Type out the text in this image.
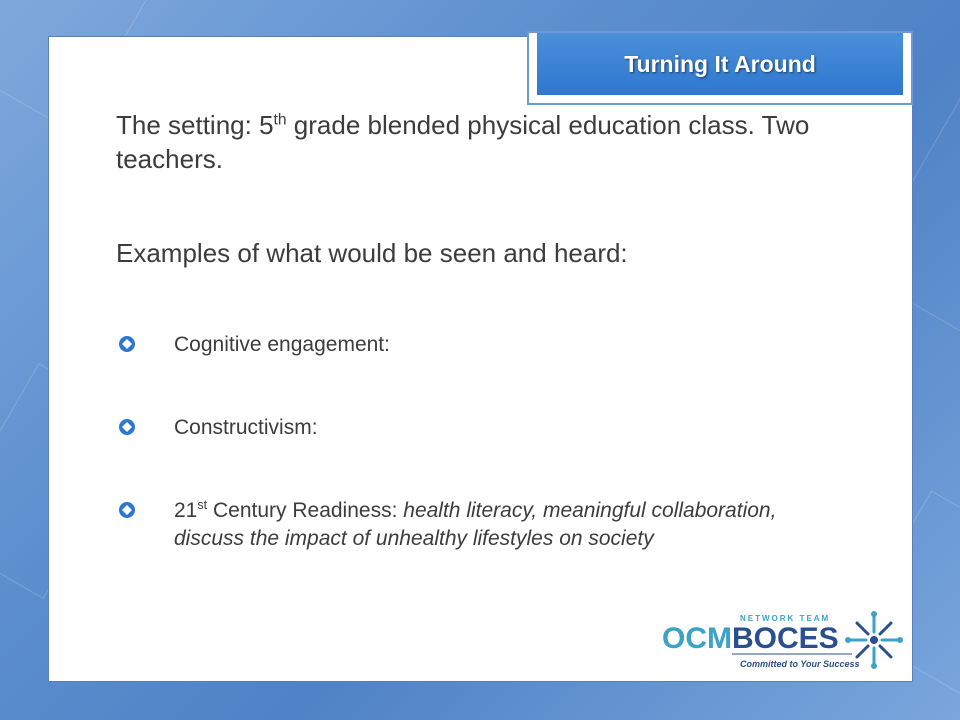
Turning It Around
The setting: 5th grade blended physical education class. Two teachers.
Examples of what would be seen and heard:
Cognitive engagement:
Constructivism:
21st Century Readiness: health literacy, meaningful collaboration, discuss the impact of unhealthy lifestyles on society
NETWORK TEAM
OCM BOCES
Committed to Your Success
